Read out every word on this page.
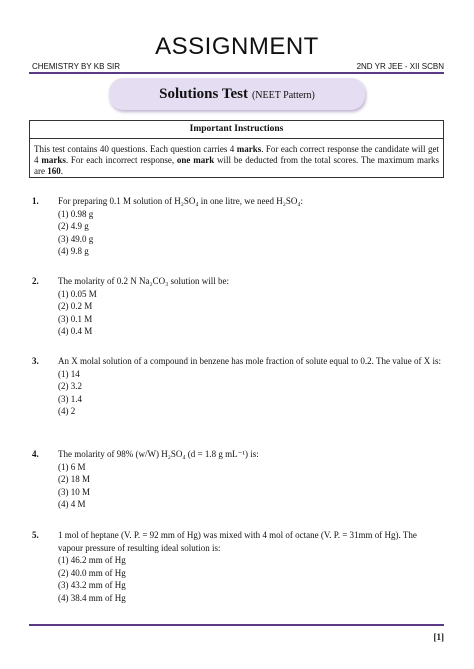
ASSIGNMENT
CHEMISTRY BY KB SIR	2ND YR JEE - XII SCBN
Solutions Test (NEET Pattern)
Important Instructions
This test contains 40 questions. Each question carries 4 marks. For each correct response the candidate will get 4 marks. For each incorrect response, one mark will be deducted from the total scores. The maximum marks are 160.
1. For preparing 0.1 M solution of H₂SO₄ in one litre, we need H₂SO₄:
(1) 0.98 g
(2) 4.9 g
(3) 49.0 g
(4) 9.8 g
2. The molarity of 0.2 N Na₂CO₃ solution will be:
(1) 0.05 M
(2) 0.2 M
(3) 0.1 M
(4) 0.4 M
3. An X molal solution of a compound in benzene has mole fraction of solute equal to 0.2. The value of X is:
(1) 14
(2) 3.2
(3) 1.4
(4) 2
4. The molarity of 98% (w/W) H₂SO₄ (d = 1.8 g mL⁻¹) is:
(1) 6 M
(2) 18 M
(3) 10 M
(4) 4 M
5. 1 mol of heptane (V. P. = 92 mm of Hg) was mixed with 4 mol of octane (V. P. = 31mm of Hg). The vapour pressure of resulting ideal solution is:
(1) 46.2 mm of Hg
(2) 40.0 mm of Hg
(3) 43.2 mm of Hg
(4) 38.4 mm of Hg
[1]
